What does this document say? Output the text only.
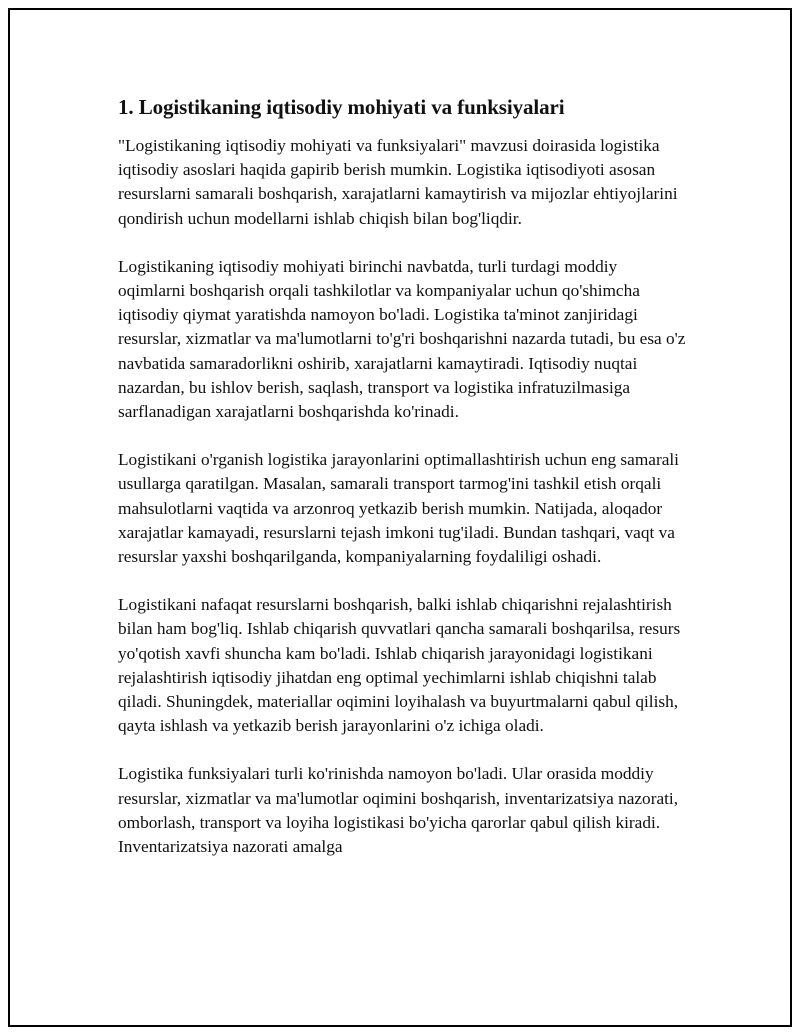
1. Logistikaning iqtisodiy mohiyati va funksiyalari

"Logistikaning iqtisodiy mohiyati va funksiyalari" mavzusi doirasida logistika iqtisodiy asoslari haqida gapirib berish mumkin. Logistika iqtisodiyoti asosan resurslarni samarali boshqarish, xarajatlarni kamaytirish va mijozlar ehtiyojlarini qondirish uchun modellarni ishlab chiqish bilan bog'liqdir.

Logistikaning iqtisodiy mohiyati birinchi navbatda, turli turdagi moddiy oqimlarni boshqarish orqali tashkilotlar va kompaniyalar uchun qo'shimcha iqtisodiy qiymat yaratishda namoyon bo'ladi. Logistika ta'minot zanjiridagi resurslar, xizmatlar va ma'lumotlarni to'g'ri boshqarishni nazarda tutadi, bu esa o'z navbatida samaradorlikni oshirib, xarajatlarni kamaytiradi. Iqtisodiy nuqtai nazardan, bu ishlov berish, saqlash, transport va logistika infratuzilmasiga sarflanadigan xarajatlarni boshqarishda ko'rinadi.

Logistikani o'rganish logistika jarayonlarini optimallashtirish uchun eng samarali usullarga qaratilgan. Masalan, samarali transport tarmog'ini tashkil etish orqali mahsulotlarni vaqtida va arzonroq yetkazib berish mumkin. Natijada, aloqador xarajatlar kamayadi, resurslarni tejash imkoni tug'iladi. Bundan tashqari, vaqt va resurslar yaxshi boshqarilganda, kompaniyalarning foydaliligi oshadi.

Logistikani nafaqat resurslarni boshqarish, balki ishlab chiqarishni rejalashtirish bilan ham bog'liq. Ishlab chiqarish quvvatlari qancha samarali boshqarilsa, resurs yo'qotish xavfi shuncha kam bo'ladi. Ishlab chiqarish jarayonidagi logistikani rejalashtirish iqtisodiy jihatdan eng optimal yechimlarni ishlab chiqishni talab qiladi. Shuningdek, materiallar oqimini loyihalash va buyurtmalarni qabul qilish, qayta ishlash va yetkazib berish jarayonlarini o'z ichiga oladi.

Logistika funksiyalari turli ko'rinishda namoyon bo'ladi. Ular orasida moddiy resurslar, xizmatlar va ma'lumotlar oqimini boshqarish, inventarizatsiya nazorati, omborlash, transport va loyiha logistikasi bo'yicha qarorlar qabul qilish kiradi. Inventarizatsiya nazorati amalga
